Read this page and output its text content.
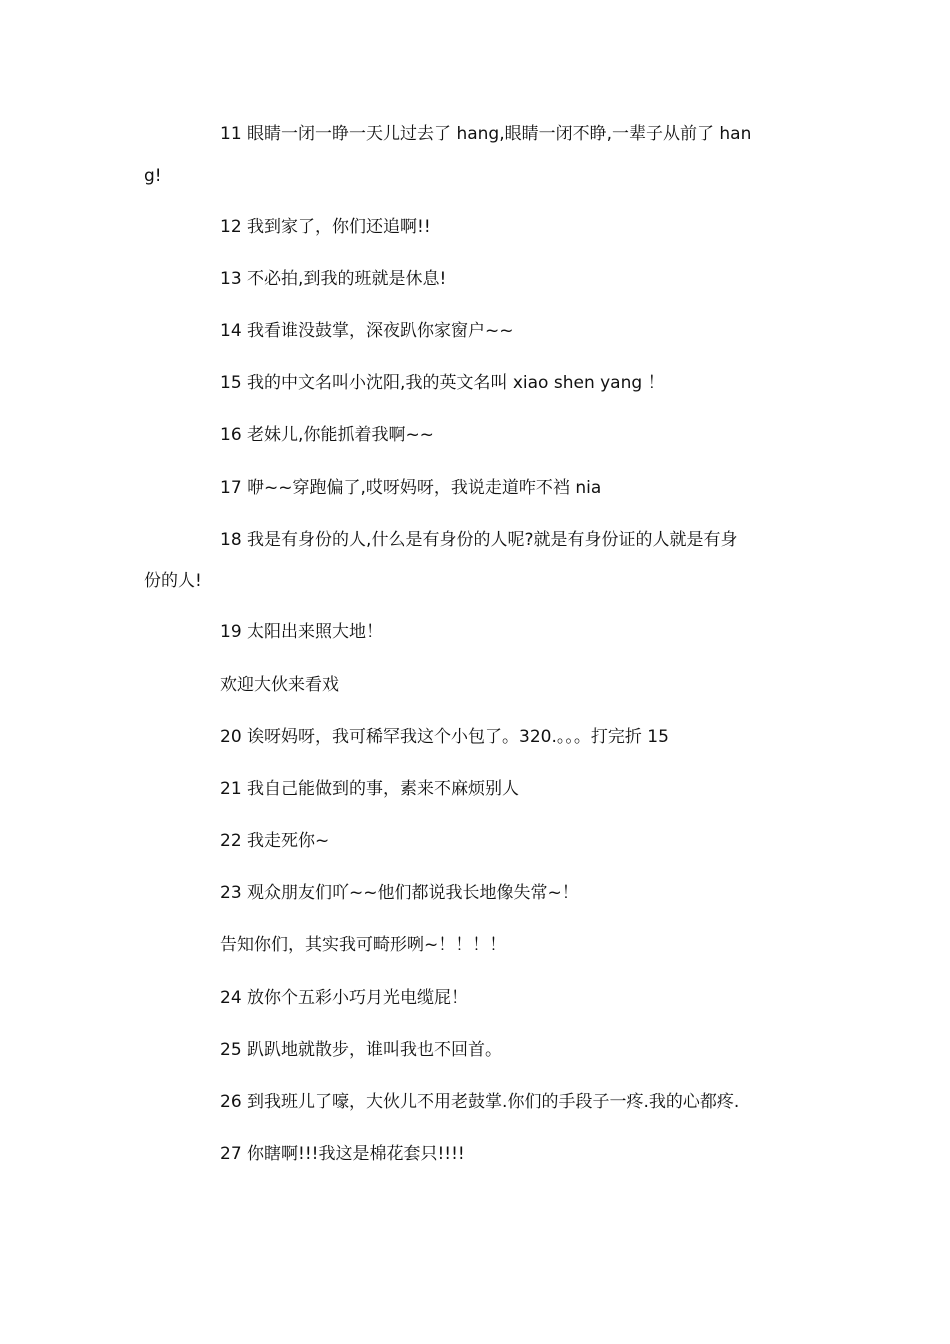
11 眼睛一闭一睁一天儿过去了 hang,眼睛一闭不睁,一辈子从前了 han
g!
12 我到家了，你们还追啊!!
13 不必拍,到我的班就是休息!
14 我看谁没鼓掌，深夜趴你家窗户~~
15 我的中文名叫小沈阳,我的英文名叫 xiao shen yang ！
16 老妹儿,你能抓着我啊~~
17 咿~~穿跑偏了,哎呀妈呀，我说走道咋不裆 nia
18 我是有身份的人,什么是有身份的人呢?就是有身份证的人就是有身
份的人!
19 太阳出来照大地！
欢迎大伙来看戏
20 诶呀妈呀，我可稀罕我这个小包了。320.。。。打完折 15
21 我自己能做到的事，素来不麻烦别人
22 我走死你~
23 观众朋友们吖~~他们都说我长地像失常~！
告知你们，其实我可畸形咧~！！！！
24 放你个五彩小巧月光电缆屁！
25 趴趴地就散步，谁叫我也不回首。
26 到我班儿了嚎，大伙儿不用老鼓掌.你们的手段子一疼.我的心都疼.
27 你瞎啊!!!我这是棉花套只!!!!
